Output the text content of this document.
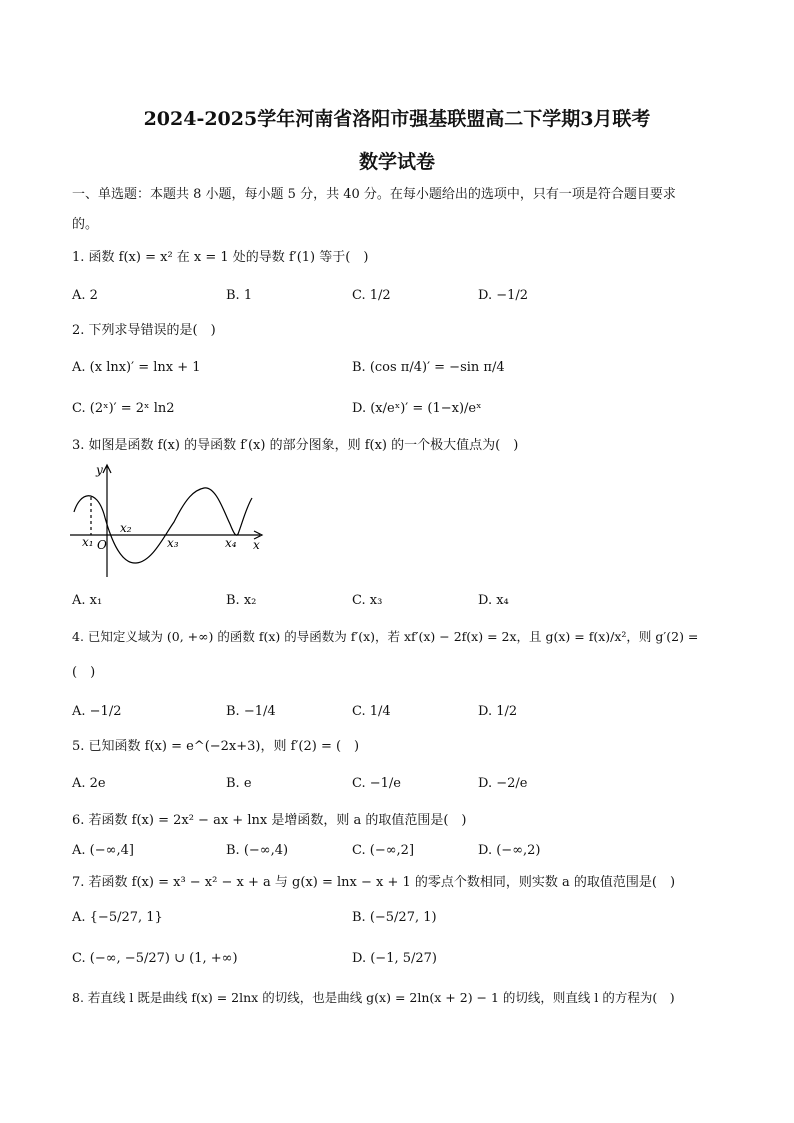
2024-2025学年河南省洛阳市强基联盟高二下学期3月联考
数学试卷
一、单选题：本题共 8 小题，每小题 5 分，共 40 分。在每小题给出的选项中，只有一项是符合题目要求
的。
1. 函数 f(x) = x² 在 x = 1 处的导数 f′(1) 等于(　)
A. 2	B. 1	C. 1/2	D. −1/2
2. 下列求导错误的是(　)
A. (x lnx)′ = lnx + 1	B. (cos π/4)′ = −sin π/4
C. (2ˣ)′ = 2ˣ ln2	D. (x/eˣ)′ = (1−x)/eˣ
3. 如图是函数 f(x) 的导函数 f′(x) 的部分图象，则 f(x) 的一个极大值点为(　)
y
x
O
x₁
x₂
x₃	x₄
A. x₁	B. x₂	C. x₃	D. x₄
4. 已知定义域为 (0, +∞) 的函数 f(x) 的导函数为 f′(x)，若 xf′(x) − 2f(x) = 2x，且 g(x) = f(x)/x²，则 g′(2) =
(　)
A. −1/2	B. −1/4	C. 1/4	D. 1/2
5. 已知函数 f(x) = e^(−2x+3)，则 f′(2) = (　)
A. 2e	B. e	C. −1/e	D. −2/e
6. 若函数 f(x) = 2x² − ax + lnx 是增函数，则 a 的取值范围是(　)
A. (−∞,4]	B. (−∞,4)	C. (−∞,2]	D. (−∞,2)
7. 若函数 f(x) = x³ − x² − x + a 与 g(x) = lnx − x + 1 的零点个数相同，则实数 a 的取值范围是(　)
A. {−5/27, 1}	B. (−5/27, 1)
C. (−∞, −5/27) ∪ (1, +∞)	D. (−1, 5/27)
8. 若直线 l 既是曲线 f(x) = 2lnx 的切线，也是曲线 g(x) = 2ln(x + 2) − 1 的切线，则直线 l 的方程为(　)
